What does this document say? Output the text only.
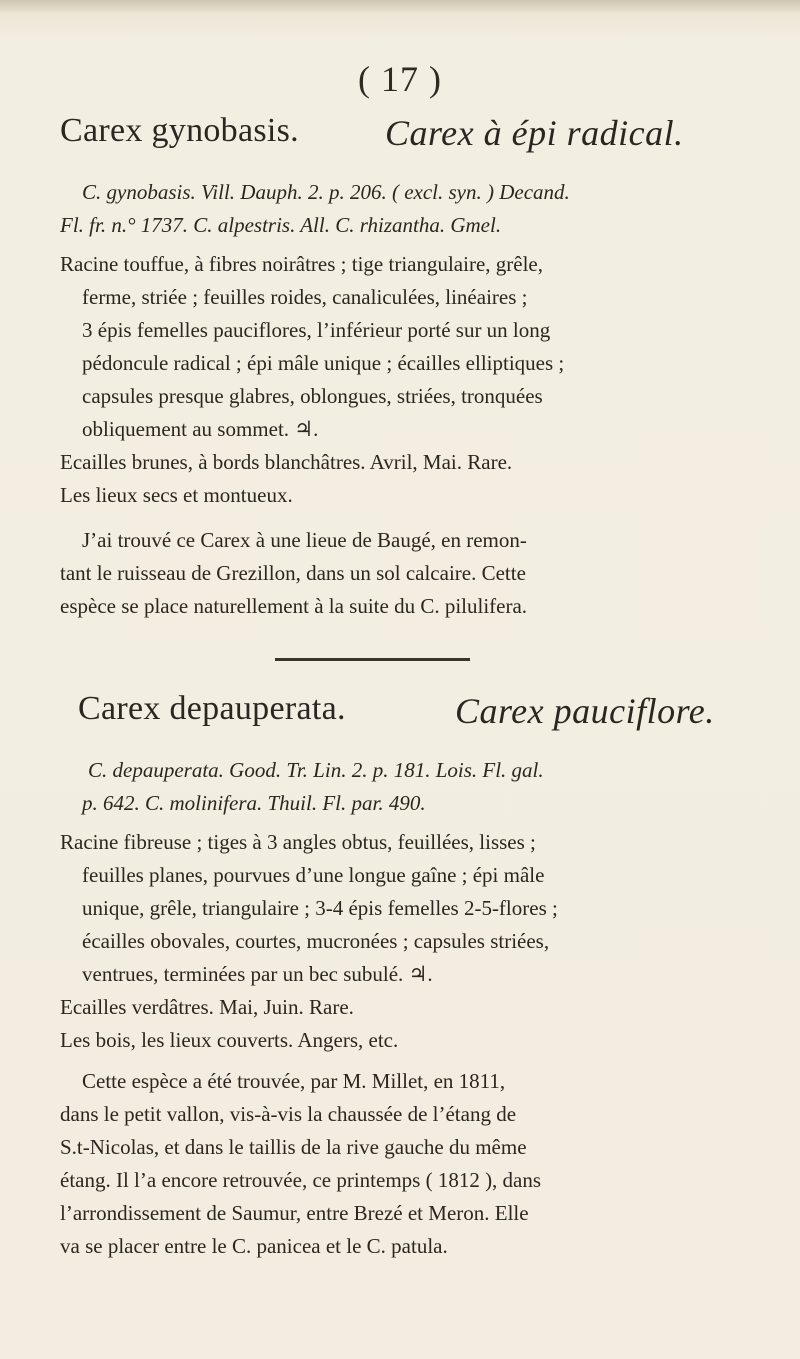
( 17 )
Carex gynobasis. Carex à épi radical.
C. gynobasis. Vill. Dauph. 2. p. 206. ( excl. syn. ) Decand.
Fl. fr. n.° 1737. C. alpestris. All. C. rhizantha. Gmel.
Racine touffue, à fibres noirâtres ; tige triangulaire, grêle,
ferme, striée ; feuilles roides, canaliculées, linéaires ;
3 épis femelles pauciflores, l’inférieur porté sur un long
pédoncule radical ; épi mâle unique ; écailles elliptiques ;
capsules presque glabres, oblongues, striées, tronquées
obliquement au sommet. ♃.
Ecailles brunes, à bords blanchâtres. Avril, Mai. Rare.
Les lieux secs et montueux.
J’ai trouvé ce Carex à une lieue de Baugé, en remon-
tant le ruisseau de Grezillon, dans un sol calcaire. Cette
espèce se place naturellement à la suite du C. pilulifera.
Carex depauperata.	Carex pauciflore.
C. depauperata. Good. Tr. Lin. 2. p. 181. Lois. Fl. gal.
p. 642. C. molinifera. Thuil. Fl. par. 490.
Racine fibreuse ; tiges à 3 angles obtus, feuillées, lisses ;
feuilles planes, pourvues d’une longue gaîne ; épi mâle
unique, grêle, triangulaire ; 3-4 épis femelles 2-5-flores ;
écailles obovales, courtes, mucronées ; capsules striées,
ventrues, terminées par un bec subulé. ♃.
Ecailles verdâtres. Mai, Juin. Rare.
Les bois, les lieux couverts. Angers, etc.
Cette espèce a été trouvée, par M. Millet, en 1811,
dans le petit vallon, vis-à-vis la chaussée de l’étang de
S.t-Nicolas, et dans le taillis de la rive gauche du même
étang. Il l’a encore retrouvée, ce printemps ( 1812 ), dans
l’arrondissement de Saumur, entre Brezé et Meron. Elle
va se placer entre le C. panicea et le C. patula.
